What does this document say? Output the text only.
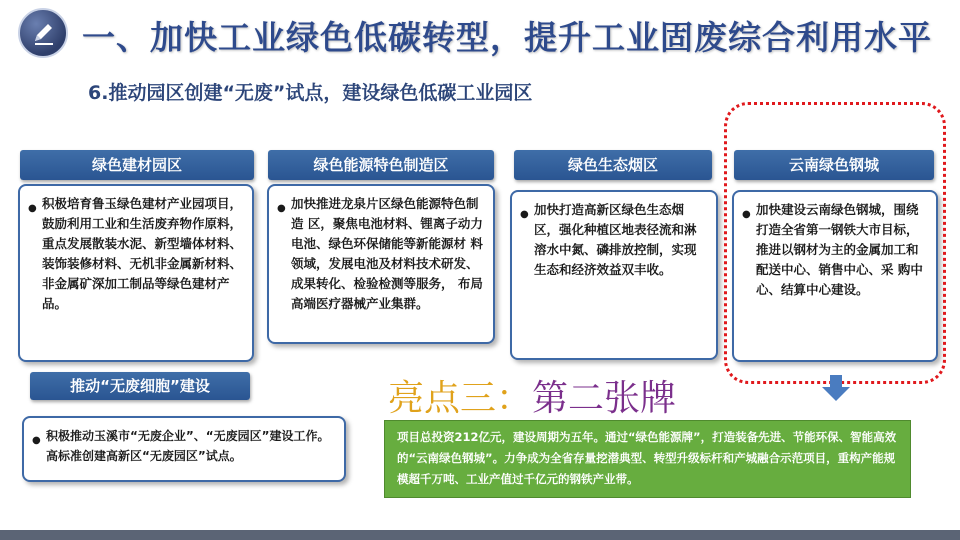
一、加快工业绿色低碳转型，提升工业固废综合利用水平
6.推动园区创建“无废”试点，建设绿色低碳工业园区
绿色建材园区
● 积极培育鲁玉绿色建材产业园项目，鼓励利用工业和生活废弃物作原料，重点发展散装水泥、新型墙体材料、装饰装修材料、无机非金属新材料、非金属矿深加工制品等绿色建材产品。
绿色能源特色制造区
● 加快推进龙泉片区绿色能源特色制造 区，聚焦电池材料、锂离子动力电池、绿色环保储能等新能源材 料领域，发展电池及材料技术研发、成果转化、检验检测等服务， 布局高端医疗器械产业集群。
绿色生态烟区
● 加快打造高新区绿色生态烟区，强化种植区地表径流和淋溶水中氮、磷排放控制，实现生态和经济效益双丰收。
云南绿色钢城
● 加快建设云南绿色钢城，围绕打造全省第一钢铁大市目标，推进以钢材为主的金属加工和配送中心、销售中心、采 购中心、结算中心建设。
推动“无废细胞”建设
● 积极推动玉溪市“无废企业”、“无废园区”建设工作。高标准创建高新区“无废园区”试点。
亮点三：第二张牌
项目总投资212亿元，建设周期为五年。通过“绿色能源牌”，打造装备先进、节能环保、智能高效的“云南绿色钢城”。力争成为全省存量挖潜典型、转型升级标杆和产城融合示范项目，重构产能规模超千万吨、工业产值过千亿元的钢铁产业带。
